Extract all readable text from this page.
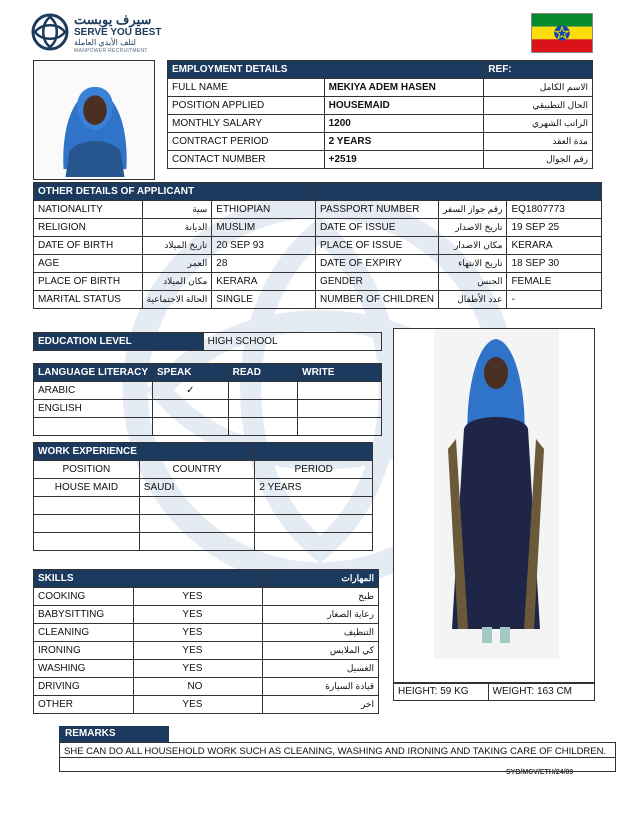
سيرف يوبست
SERVE YOU BEST
لتلف الأيدي العاملة
MANPOWER RECRUITMENT
EMPLOYMENT DETAILS		REF:
FULL NAME	MEKIYA ADEM HASEN	الاسم الكامل
POSITION APPLIED	HOUSEMAID	الحال التطبيقي
MONTHLY SALARY	1200	الراتب الشهري
CONTRACT PERIOD	2 YEARS	مدة العقد
CONTACT NUMBER	+2519	رقم الجوال
OTHER DETAILS OF APPLICANT					
NATIONALITY	سية	ETHIOPIAN	PASSPORT NUMBER	رقم جواز السفر	EQ1807773
RELIGION	الديانة	MUSLIM	DATE OF ISSUE	تاريخ الاصدار	19 SEP 25
DATE OF BIRTH	تاريخ الميلاد	20 SEP 93	PLACE OF ISSUE	مكان الاصدار	KERARA
AGE	العمر	28	DATE OF EXPIRY	تاريخ الانتهاء	18 SEP 30
PLACE OF BIRTH	مكان الميلاد	KERARA	GENDER	الجنس	FEMALE
MARITAL STATUS	الحالة الاجتماعية	SINGLE	NUMBER OF CHILDREN	عدد الأطفال	-
EDUCATION LEVEL	HIGH SCHOOL
LANGUAGE LITERACY	SPEAK	READ	WRITE
ARABIC	✓		
ENGLISH			

WORK EXPERIENCE		
POSITION	COUNTRY	PERIOD
HOUSE MAID	SAUDI	2 YEARS

SKILLS		المهارات
COOKING	YES	طبخ
BABYSITTING	YES	رعاية الصغار
CLEANING	YES	التنظيف
IRONING	YES	كي الملابس
WASHING	YES	الغسيل
DRIVING	NO	قيادة السيارة
OTHER	YES	اخر
HEIGHT: 59 KG	WEIGHT: 163 CM
REMARKS
SHE CAN DO ALL HOUSEHOLD WORK SUCH AS CLEANING, WASHING AND IRONING AND TAKING CARE OF CHILDREN.
SYB/MCV/ETH/24/09
